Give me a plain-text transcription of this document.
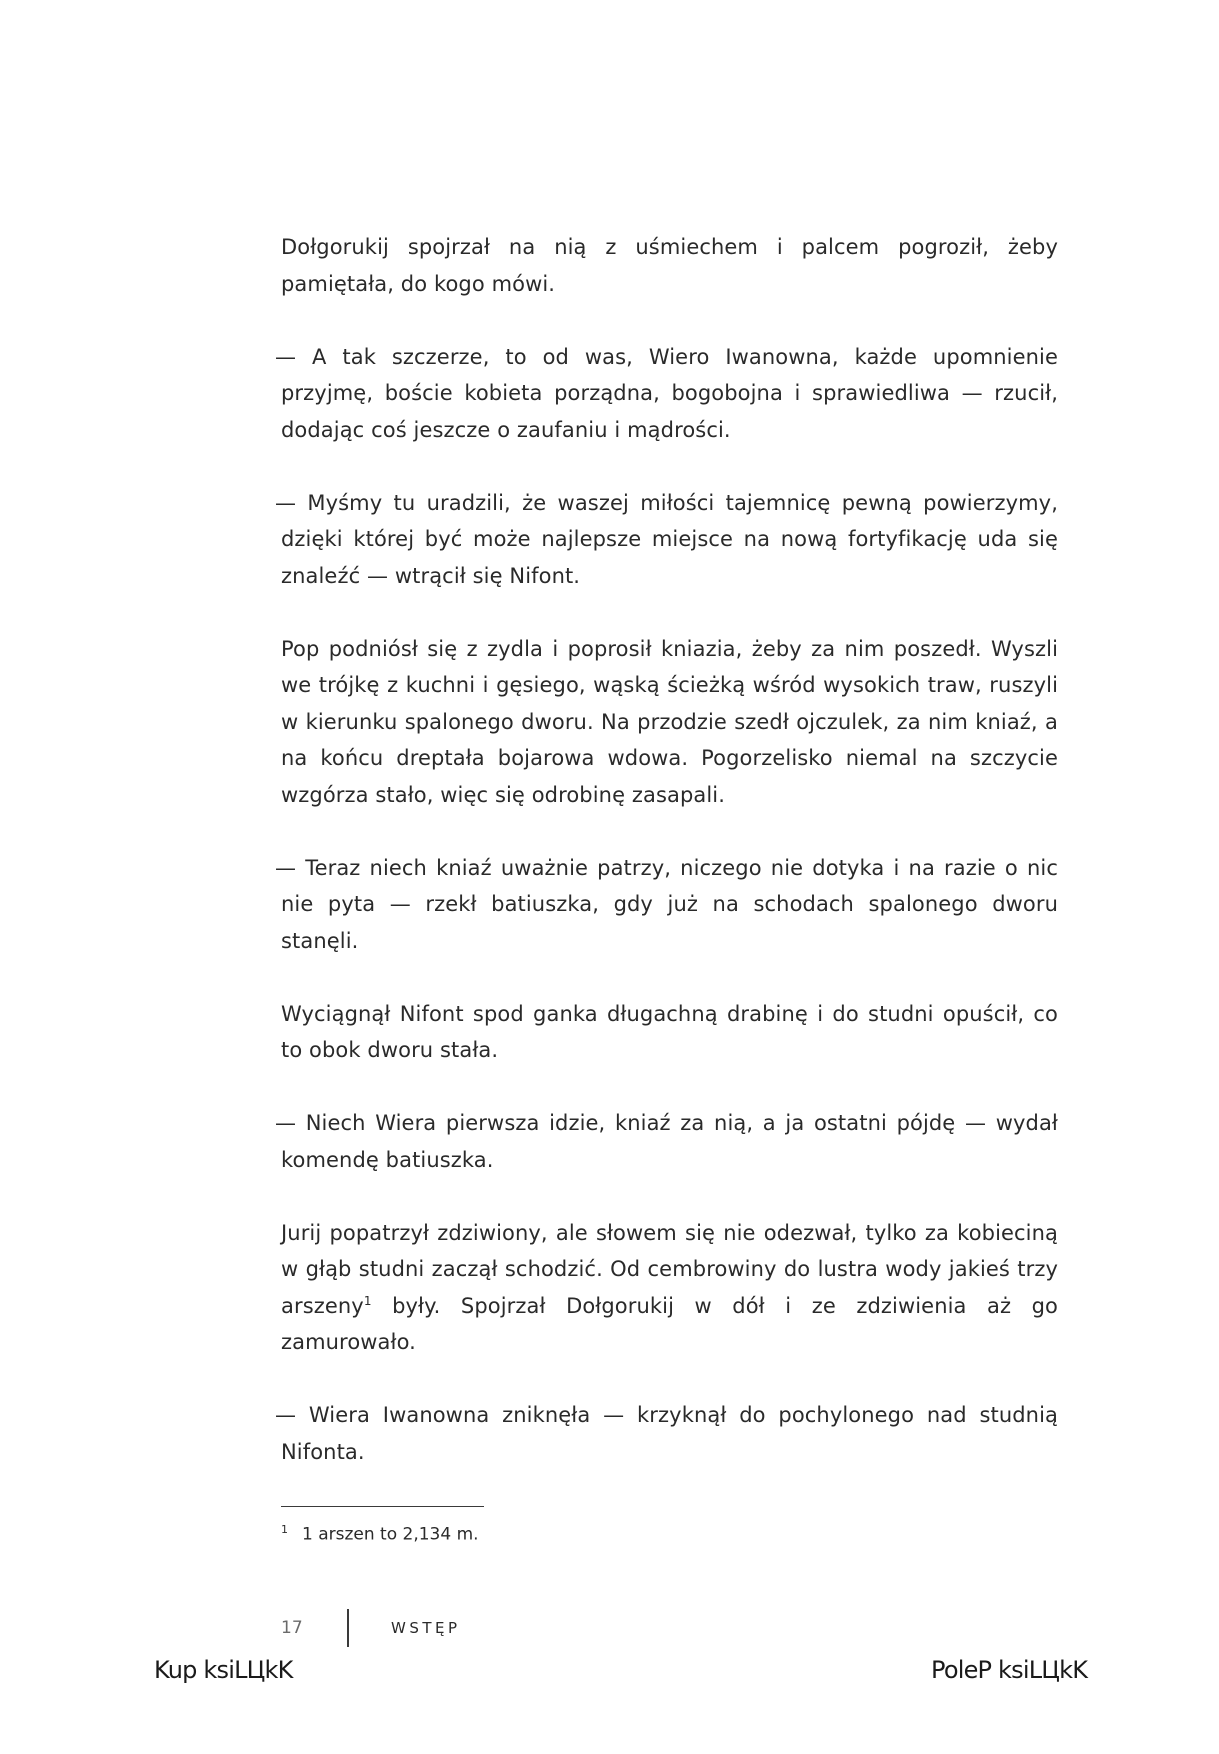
Dołgorukij spojrzał na nią z uśmiechem i palcem pogroził, żeby pamiętała, do kogo mówi.

— A tak szczerze, to od was, Wiero Iwanowna, każde upomnienie przyjmę, boście kobieta porządna, bogobojna i sprawiedliwa — rzucił, dodając coś jeszcze o zaufaniu i mądrości.

— Myśmy tu uradzili, że waszej miłości tajemnicę pewną powierzymy, dzięki której być może najlepsze miejsce na nową fortyfikację uda się znaleźć — wtrącił się Nifont.

Pop podniósł się z zydla i poprosił kniazia, żeby za nim poszedł. Wyszli we trójkę z kuchni i gęsiego, wąską ścieżką wśród wysokich traw, ruszyli w kierunku spalonego dworu. Na przodzie szedł ojczulek, za nim kniaź, a na końcu dreptała bojarowa wdowa. Pogorzelisko niemal na szczycie wzgórza stało, więc się odrobinę zasapali.

— Teraz niech kniaź uważnie patrzy, niczego nie dotyka i na razie o nic nie pyta — rzekł batiuszka, gdy już na schodach spalonego dworu stanęli.

Wyciągnął Nifont spod ganka długachną drabinę i do studni opuścił, co to obok dworu stała.

— Niech Wiera pierwsza idzie, kniaź za nią, a ja ostatni pójdę — wydał komendę batiuszka.

Jurij popatrzył zdziwiony, ale słowem się nie odezwał, tylko za kobieciną w głąb studni zaczął schodzić. Od cembrowiny do lustra wody jakieś trzy arszeny$^1$ były. Spojrzał Dołgorukij w dół i ze zdziwienia aż go zamurowało.

— Wiera Iwanowna zniknęła — krzyknął do pochylonego nad studnią Nifonta.

$^1$ 1 arszen to 2,134 m.
17	WSTĘP
Kup ksiLЦkK	PoleP ksiLЦkK
